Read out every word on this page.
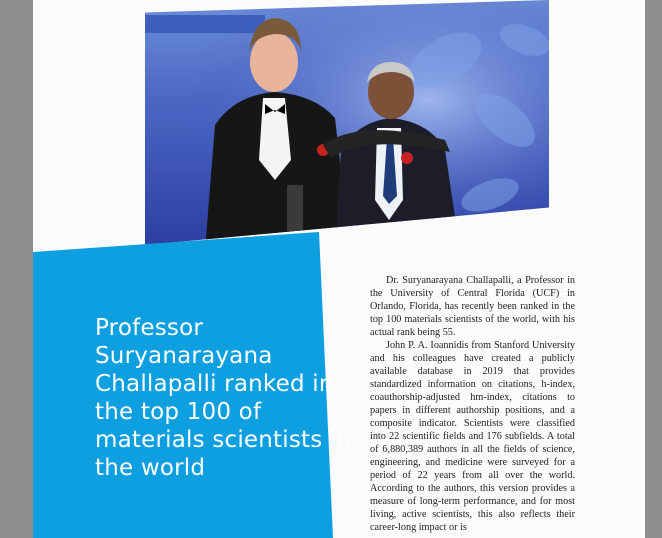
Professor Suryanarayana Challapalli ranked in the top 100 of materials scientists in the world

Dr. Suryanarayana Challapalli, a Professor in the University of Central Florida (UCF) in Orlando, Florida, has recently been ranked in the top 100 materials scientists of the world, with his actual rank being 55.

John P. A. Ioannidis from Stanford University and his colleagues have created a publicly available database in 2019 that provides standardized information on citations, h-index, coauthorship-adjusted hm-index, citations to papers in different authorship positions, and a composite indicator. Scientists were classified into 22 scientific fields and 176 subfields. A total of 6,880,389 authors in all the fields of science, engineering, and medicine were surveyed for a period of 22 years from all over the world. According to the authors, this version provides a measure of long-term performance, and for most living, active scientists, this also reflects their career-long impact or is
